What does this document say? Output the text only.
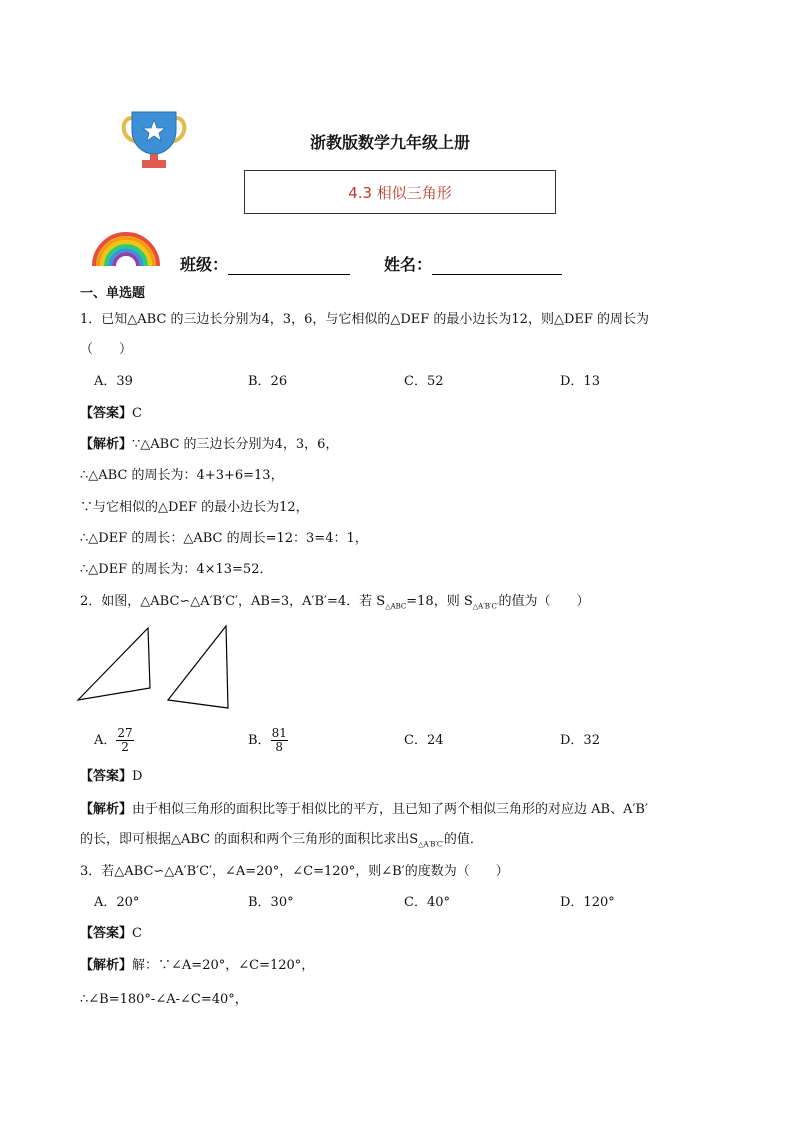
浙教版数学九年级上册
4.3 相似三角形
班级：	姓名：
一、单选题
1．已知△ABC 的三边长分别为4，3，6，与它相似的△DEF 的最小边长为12，则△DEF 的周长为
（　　）
A．39	B．26	C．52	D．13
【答案】C
【解析】∵△ABC 的三边长分别为4，3，6，
∴△ABC 的周长为：4+3+6=13，
∵与它相似的△DEF 的最小边长为12，
∴△DEF 的周长：△ABC 的周长=12：3=4：1，
∴△DEF 的周长为：4×13=52．
2．如图，△ABC∽△A′B′C′，AB=3，A′B′=4．若 $S_{\triangle ABC}=18$，则 $S_{\triangle A'B'C'}$的值为（　　）
A． $\frac{27}{2}$	B． $\frac{81}{8}$	C．24	D．32
【答案】D
【解析】由于相似三角形的面积比等于相似比的平方，且已知了两个相似三角形的对应边 AB、A′B′
的长，即可根据△ABC 的面积和两个三角形的面积比求出$S_{\triangle A'B'C'}$的值．
3．若△ABC∽△A′B′C′，∠A=20°，∠C=120°，则∠B′的度数为（　　）
A．20°	B．30°	C．40°	D．120°
【答案】C
【解析】解：∵∠A=20°，∠C=120°，
∴∠B=180°-∠A-∠C=40°，
